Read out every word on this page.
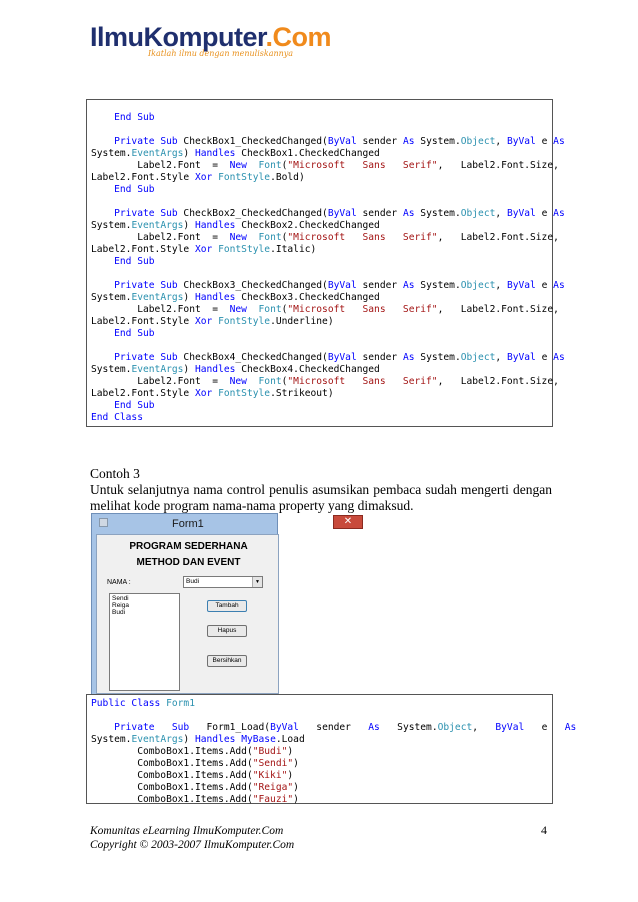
IlmuKomputer.Com
Ikatlah ilmu dengan menuliskannya
End Sub

Private Sub CheckBox1_CheckedChanged(ByVal sender As System.Object, ByVal e As
System.EventArgs) Handles CheckBox1.CheckedChanged
Label2.Font  =  New Font("Microsoft   Sans   Serif",   Label2.Font.Size,
Label2.Font.Style Xor FontStyle.Bold)
End Sub

Private Sub CheckBox2_CheckedChanged(ByVal sender As System.Object, ByVal e As
System.EventArgs) Handles CheckBox2.CheckedChanged
Label2.Font  =  New Font("Microsoft   Sans   Serif",   Label2.Font.Size,
Label2.Font.Style Xor FontStyle.Italic)
End Sub

Private Sub CheckBox3_CheckedChanged(ByVal sender As System.Object, ByVal e As
System.EventArgs) Handles CheckBox3.CheckedChanged
Label2.Font  =  New Font("Microsoft   Sans   Serif",   Label2.Font.Size,
Label2.Font.Style Xor FontStyle.Underline)
End Sub

Private Sub CheckBox4_CheckedChanged(ByVal sender As System.Object, ByVal e As
System.EventArgs) Handles CheckBox4.CheckedChanged
Label2.Font  =  New Font("Microsoft   Sans   Serif",   Label2.Font.Size,
Label2.Font.Style Xor FontStyle.Strikeout)
End Sub
End Class
Contoh 3
Untuk selanjutnya nama control penulis asumsikan pembaca sudah mengerti dengan
melihat kode program nama-nama property yang dimaksud.
Form1	✕
PROGRAM SEDERHANA
METHOD DAN EVENT
NAMA :	Budi	▼
Sendi
Reiga
Budi
Tambah
Hapus
Bersihkan
Public Class Form1

Private Sub   Form1_Load(ByVal   sender   As   System.Object,   ByVal   e   As
System.EventArgs) Handles MyBase.Load
ComboBox1.Items.Add("Budi")
ComboBox1.Items.Add("Sendi")
ComboBox1.Items.Add("Kiki")
ComboBox1.Items.Add("Reiga")
ComboBox1.Items.Add("Fauzi")
Komunitas eLearning IlmuKomputer.Com
Copyright © 2003-2007 IlmuKomputer.Com
4
